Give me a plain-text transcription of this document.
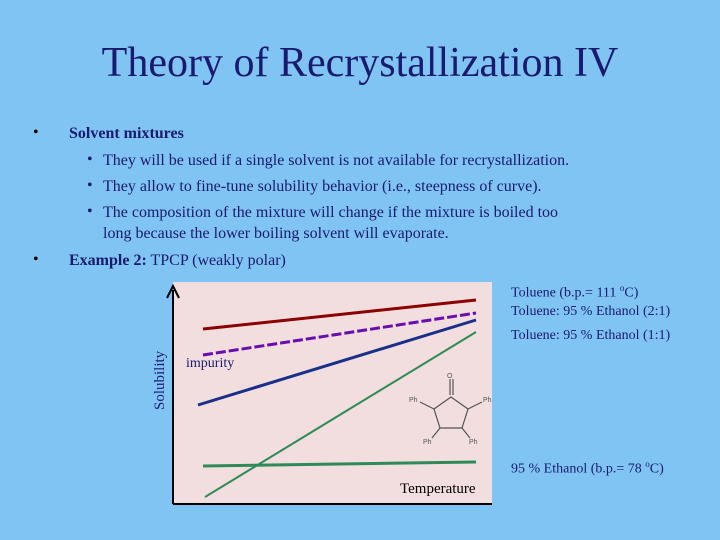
Theory of Recrystallization IV
• Solvent mixtures
• They will be used if a single solvent is not available for recrystallization.
• They allow to fine-tune solubility behavior (i.e., steepness of curve).
• The composition of the mixture will change if the mixture is boiled too
long because the lower boiling solvent will evaporate.
• Example 2: TPCP (weakly polar)
O
Ph	Ph
Ph	Ph
Toluene (b.p.= 111 $^o$C)
Toluene: 95 % Ethanol (2:1)
Toluene: 95 % Ethanol (1:1)
95 % Ethanol (b.p.= 78 $^o$C)
impurity
Solubility
Temperature
